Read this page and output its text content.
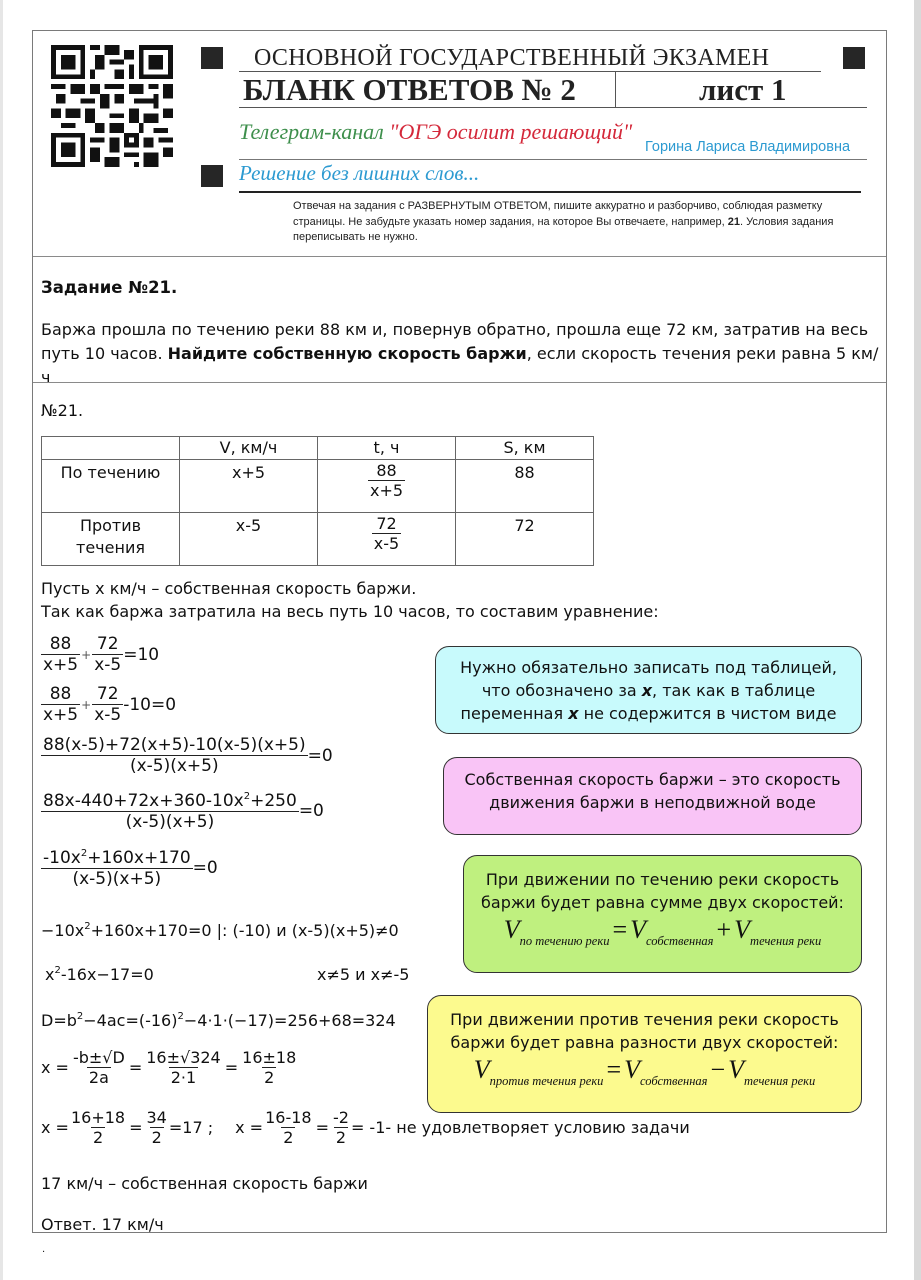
ОСНОВНОЙ ГОСУДАРСТВЕННЫЙ ЭКЗАМЕН
БЛАНК ОТВЕТОВ № 2	лист 1
Телеграм-канал "ОГЭ осилит решающий"
Горина Лариса Владимировна
Решение без лишних слов...
Отвечая на задания с РАЗВЕРНУТЫМ ОТВЕТОМ, пишите аккуратно и разборчиво, соблюдая разметку страницы. Не забудьте указать номер задания, на которое Вы отвечаете, например, 21. Условия задания переписывать не нужно.
Задание №21.
Баржа прошла по течению реки 88 км и, повернув обратно, прошла еще 72 км, затратив на весь путь 10 часов. Найдите собственную скорость баржи, если скорость течения реки равна 5 км/ч
№21.
	V, км/ч	t, ч	S, км

По течению	x+5	$\frac{88}{x+5}$	88

Против течения	x-5	$\frac{72}{x-5}$	72
Пусть x км/ч – собственная скорость баржи.
Так как баржа затратила на весь путь 10 часов, то составим уравнение:
$\frac{88}{x+5} + \frac{72}{x-5} =10$
$\frac{88}{x+5} + \frac{72}{x-5} -10=0$
$\frac{88(x-5)+72(x+5)-10(x-5)(x+5)}{(x-5)(x+5)} =0$
$\frac{88x-440+72x+360-10x^2+250}{(x-5)(x+5)} =0$
$\frac{-10x^2+160x+170}{(x-5)(x+5)} =0$
$-10x^2+160x+170=0$ |: (-10) и (x-5)(x+5)≠0
$x^2-16x-17=0$	x≠5 и x≠-5
$D=b^2-4ac=(-16)^2-4\cdot 1\cdot(-17)=256+68=324$
$x = \frac{-b\pm√D}{2a} = \frac{16\pm√324}{2\cdot 1} = \frac{16\pm 18}{2}$
$x = \frac{16+18}{2} = \frac{34}{2} =17$ ; $x = \frac{16-18}{2} = \frac{-2}{2} = -1-$ не удовлетворяет условию задачи
17 км/ч – собственная скорость баржи
Ответ. 17 км/ч
Нужно обязательно записать под таблицей,
что обозначено за x, так как в таблице
переменная x не содержится в чистом виде
Собственная скорость баржи – это скорость
движения баржи в неподвижной воде
При движении по течению реки скорость
баржи будет равна сумме двух скоростей:
$V_{по течению реки} = V_{собственная} + V_{течения реки}$
При движении против течения реки скорость
баржи будет равна разности двух скоростей:
$V_{против течения реки} = V_{собственная} - V_{течения реки}$
.
